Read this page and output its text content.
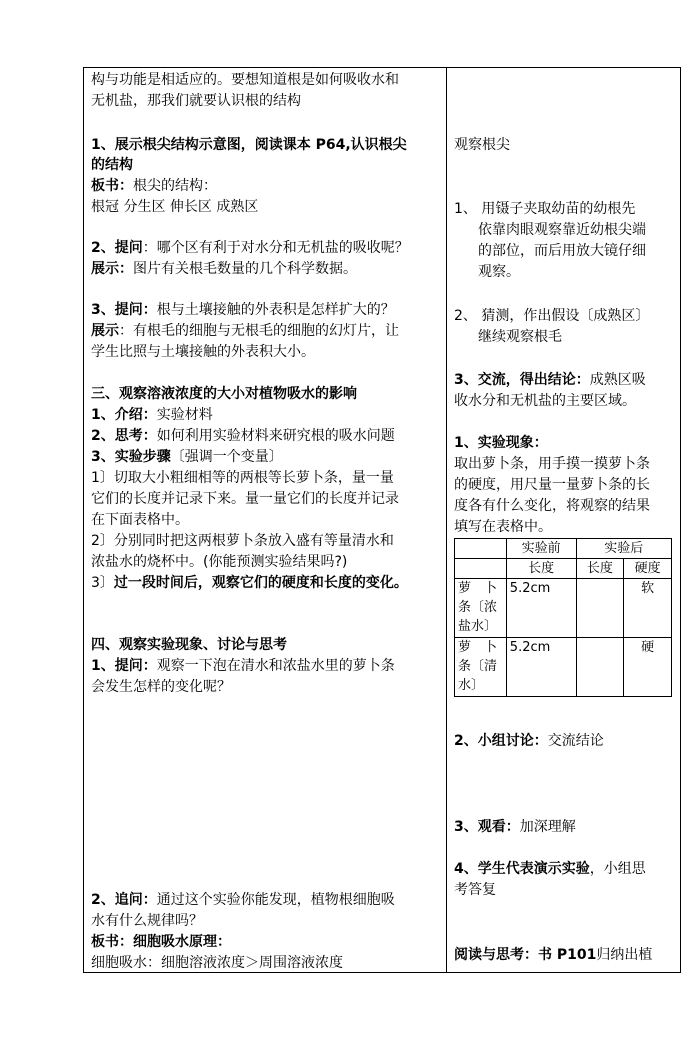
构与功能是相适应的。要想知道根是如何吸收水和
无机盐，那我们就要认识根的结构
1、展示根尖结构示意图，阅读课本 P64,认识根尖
的结构
板书：根尖的结构：
根冠 分生区 伸长区 成熟区
2、提问：哪个区有利于对水分和无机盐的吸收呢？
展示：图片有关根毛数量的几个科学数据。
3、提问：根与土壤接触的外表积是怎样扩大的？
展示：有根毛的细胞与无根毛的细胞的幻灯片，让
学生比照与土壤接触的外表积大小。
三、观察溶液浓度的大小对植物吸水的影响
1、介绍：实验材料
2、思考：如何利用实验材料来研究根的吸水问题
3、实验步骤〔强调一个变量〕
1〕切取大小粗细相等的两根等长萝卜条，量一量
它们的长度并记录下来。量一量它们的长度并记录
在下面表格中。
2〕分别同时把这两根萝卜条放入盛有等量清水和
浓盐水的烧杯中。(你能预测实验结果吗?)
3〕过一段时间后，观察它们的硬度和长度的变化。
四、观察实验现象、讨论与思考
1、提问：观察一下泡在清水和浓盐水里的萝卜条
会发生怎样的变化呢？
2、追问：通过这个实验你能发现，植物根细胞吸
水有什么规律吗？
板书：细胞吸水原理：
细胞吸水：细胞溶液浓度＞周围溶液浓度
观察根尖
1、 用镊子夹取幼苗的幼根先
依靠肉眼观察靠近幼根尖端
的部位，而后用放大镜仔细
观察。
2、 猜测，作出假设〔成熟区〕
继续观察根毛
3、交流，得出结论：成熟区吸
收水分和无机盐的主要区域。
1、实验现象：
取出萝卜条，用手摸一摸萝卜条
的硬度，用尺量一量萝卜条的长
度各有什么变化，将观察的结果
填写在表格中。
	实验前	实验后	
	长度	长度	硬度
萝　卜条〔浓盐水〕	5.2cm		软
萝　卜条〔清水〕	5.2cm		硬
2、小组讨论：交流结论
3、观看：加深理解
4、学生代表演示实验，小组思
考答复
阅读与思考：书 P101归纳出植
